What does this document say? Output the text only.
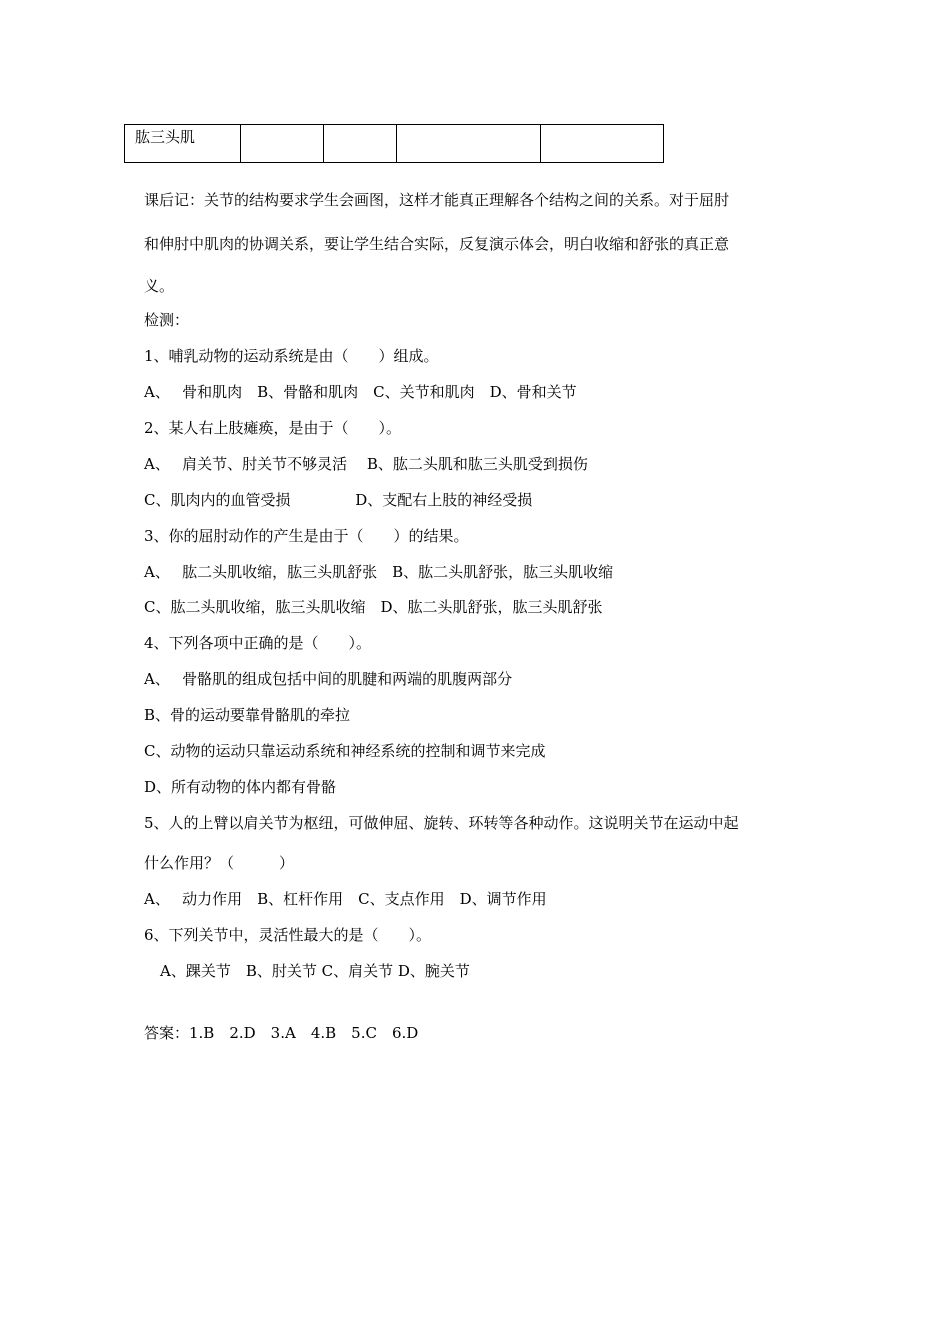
肱三头肌				
课后记：关节的结构要求学生会画图，这样才能真正理解各个结构之间的关系。对于屈肘
和伸肘中肌肉的协调关系，要让学生结合实际，反复演示体会，明白收缩和舒张的真正意
义。
检测：
1、哺乳动物的运动系统是由（　　）组成。
A、　 骨和肌肉　B、骨骼和肌肉　C、关节和肌肉　D、骨和关节
2、某人右上肢瘫痪，是由于（　　）。
A、　 肩关节、肘关节不够灵活　 B、肱二头肌和肱三头肌受到损伤
C、肌肉内的血管受损　　　　 D、支配右上肢的神经受损
3、你的屈肘动作的产生是由于（　　）的结果。
A、　 肱二头肌收缩，肱三头肌舒张　B、肱二头肌舒张，肱三头肌收缩
C、肱二头肌收缩，肱三头肌收缩　D、肱二头肌舒张，肱三头肌舒张
4、下列各项中正确的是（　　）。
A、　 骨骼肌的组成包括中间的肌腱和两端的肌腹两部分
B、骨的运动要靠骨骼肌的牵拉
C、动物的运动只靠运动系统和神经系统的控制和调节来完成
D、所有动物的体内都有骨骼
5、人的上臂以肩关节为枢纽，可做伸屈、旋转、环转等各种动作。这说明关节在运动中起
什么作用？（　　　）
A、　 动力作用　B、杠杆作用　C、支点作用　D、调节作用
6、下列关节中，灵活性最大的是（　　）。
A、踝关节　B、肘关节 C、肩关节 D、腕关节
答案：1.B　2.D　3.A　4.B　5.C　6.D
